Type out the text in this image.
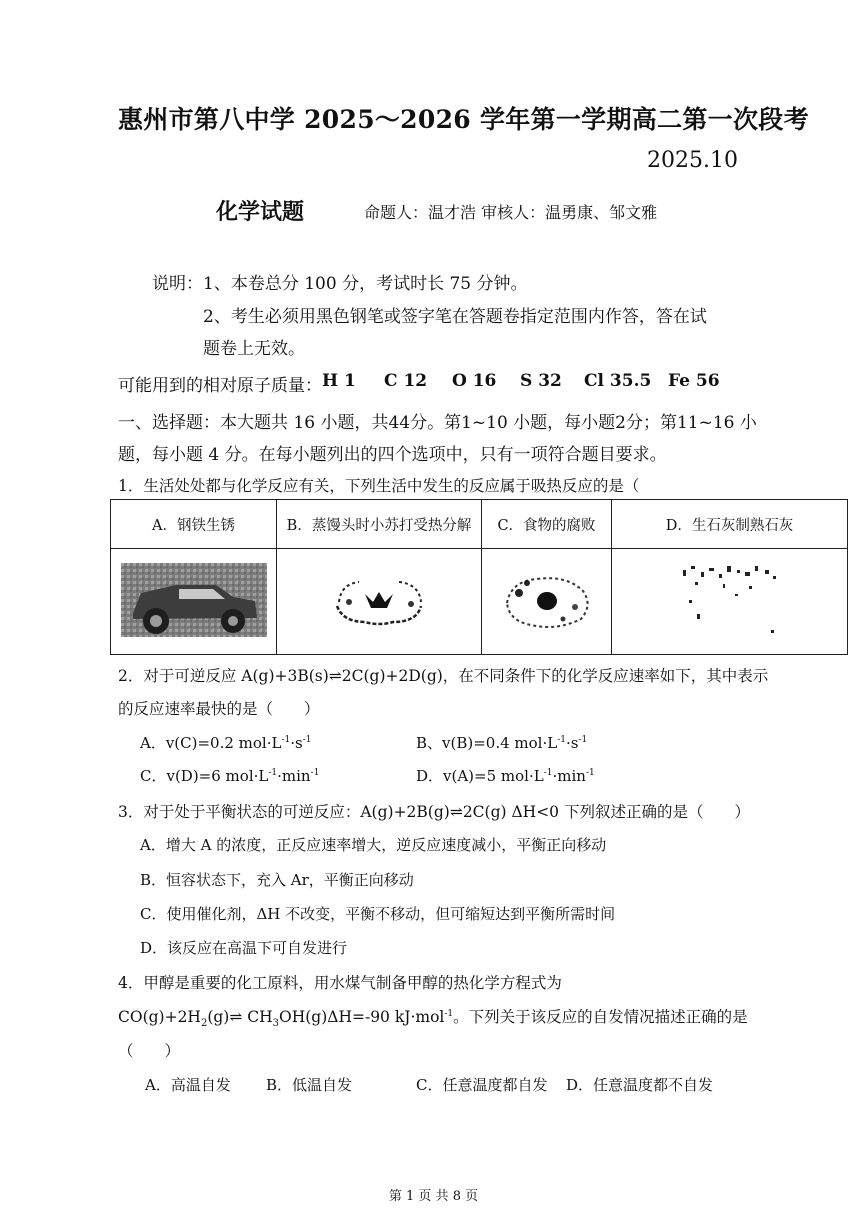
惠州市第八中学 2025～2026 学年第一学期高二第一次段考
2025.10
化学试题	命题人：温才浩 审核人：温勇康、邹文雅
说明：1、本卷总分 100 分，考试时长 75 分钟。
2、考生必须用黑色钢笔或签字笔在答题卷指定范围内作答，答在试
题卷上无效。
可能用到的相对原子质量： H 1 C 12 O 16 S 32 Cl 35.5 Fe 56
一、选择题：本大题共 16 小题，共44分。第1~10 小题，每小题2分；第11~16 小
题，每小题 4 分。在每小题列出的四个选项中，只有一项符合题目要求。
1．生活处处都与化学反应有关，下列生活中发生的反应属于吸热反应的是（
A．钢铁生锈	B．蒸馒头时小苏打受热分解	C．食物的腐败	D．生石灰制熟石灰

2．对于可逆反应 A(g)+3B(s)⇌2C(g)+2D(g)，在不同条件下的化学反应速率如下，其中表示
的反应速率最快的是（　　）
A．v(C)=0.2 $mol\cdot L^{-1}\cdot s^{-1}$	B、v(B)=0.4 $mol\cdot L^{-1}\cdot s^{-1}$
C．v(D)=6 $mol\cdot L^{-1}\cdot\min^{-1}$	D．v(A)=5 $mol\cdot L^{-1}\cdot\min^{-1}$
3．对于处于平衡状态的可逆反应：A(g)+2B(g)⇌2C(g) ΔH<0 下列叙述正确的是（　　）
A．增大 A 的浓度，正反应速率增大，逆反应速度减小，平衡正向移动
B．恒容状态下，充入 Ar，平衡正向移动
C．使用催化剂，ΔH 不改变，平衡不移动，但可缩短达到平衡所需时间
D．该反应在高温下可自发进行
4．甲醇是重要的化工原料，用水煤气制备甲醇的热化学方程式为
$CO(g)+2H_2(g)\rightleftharpoons$ $CH_3OH(g)\Delta H=-90$ kJ·mol$^{-1}$。下列关于该反应的自发情况描述正确的是
（　　）
A．高温自发 B．低温自发	C．任意温度都自发 D．任意温度都不自发
第 1 页 共 8 页
